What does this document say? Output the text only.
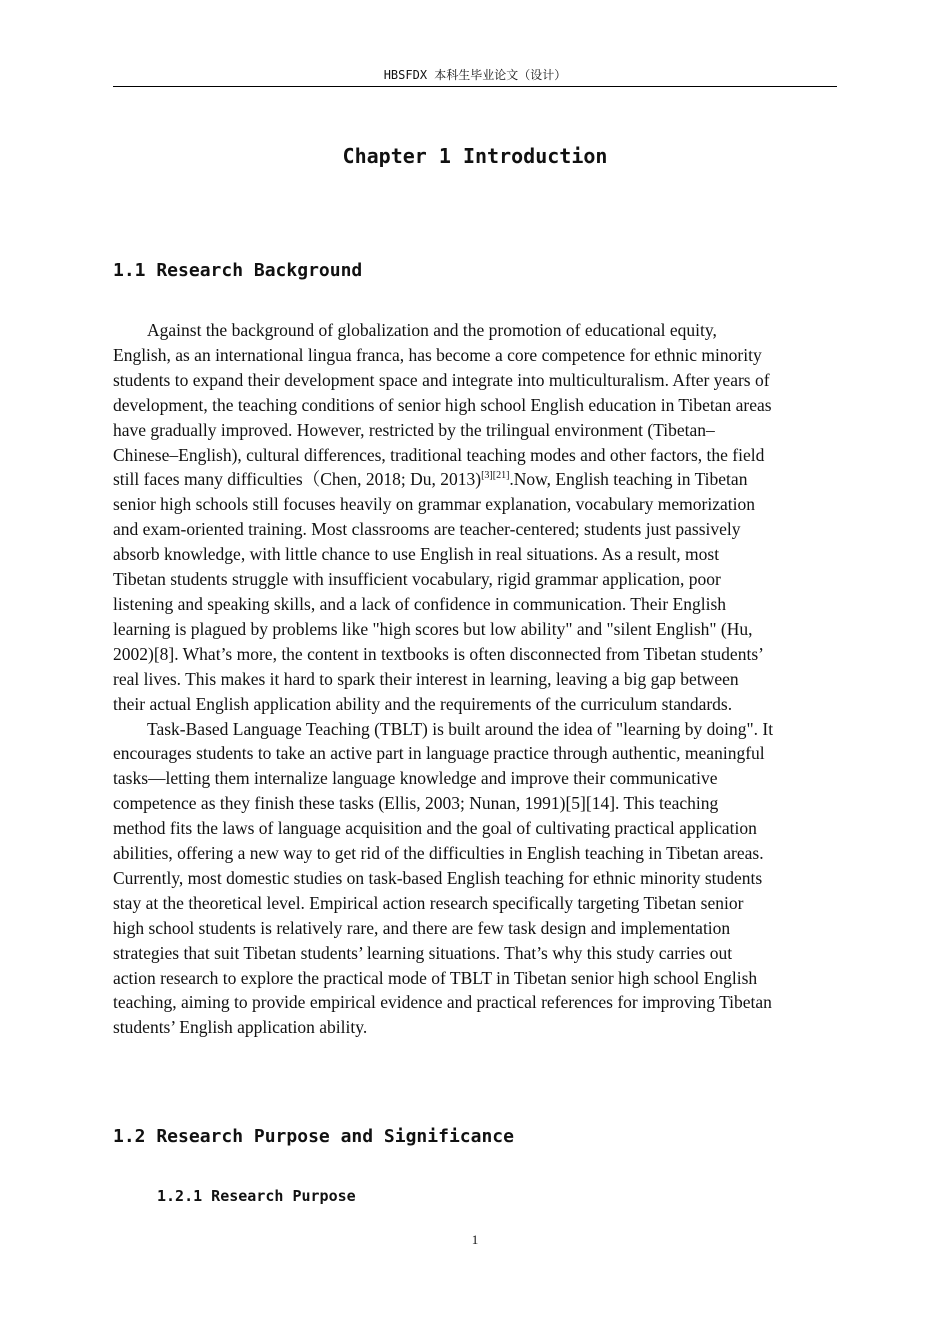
HBSFDX 本科生毕业论文（设计）
Chapter 1 Introduction
1.1 Research Background
Against the background of globalization and the promotion of educational equity,
English, as an international lingua franca, has become a core competence for ethnic minority
students to expand their development space and integrate into multiculturalism. After years of
development, the teaching conditions of senior high school English education in Tibetan areas
have gradually improved. However, restricted by the trilingual environment (Tibetan–
Chinese–English), cultural differences, traditional teaching modes and other factors, the field
still faces many difficulties（Chen, 2018; Du, 2013)[3][21].Now, English teaching in Tibetan
senior high schools still focuses heavily on grammar explanation, vocabulary memorization
and exam-oriented training. Most classrooms are teacher-centered; students just passively
absorb knowledge, with little chance to use English in real situations. As a result, most
Tibetan students struggle with insufficient vocabulary, rigid grammar application, poor
listening and speaking skills, and a lack of confidence in communication. Their English
learning is plagued by problems like "high scores but low ability" and "silent English" (Hu,
2002)[8]. What’s more, the content in textbooks is often disconnected from Tibetan students’
real lives. This makes it hard to spark their interest in learning, leaving a big gap between
their actual English application ability and the requirements of the curriculum standards.
Task-Based Language Teaching (TBLT) is built around the idea of "learning by doing". It
encourages students to take an active part in language practice through authentic, meaningful
tasks—letting them internalize language knowledge and improve their communicative
competence as they finish these tasks (Ellis, 2003; Nunan, 1991)[5][14]. This teaching
method fits the laws of language acquisition and the goal of cultivating practical application
abilities, offering a new way to get rid of the difficulties in English teaching in Tibetan areas.
Currently, most domestic studies on task-based English teaching for ethnic minority students
stay at the theoretical level. Empirical action research specifically targeting Tibetan senior
high school students is relatively rare, and there are few task design and implementation
strategies that suit Tibetan students’ learning situations. That’s why this study carries out
action research to explore the practical mode of TBLT in Tibetan senior high school English
teaching, aiming to provide empirical evidence and practical references for improving Tibetan
students’ English application ability.
1.2 Research Purpose and Significance
1.2.1 Research Purpose
1
